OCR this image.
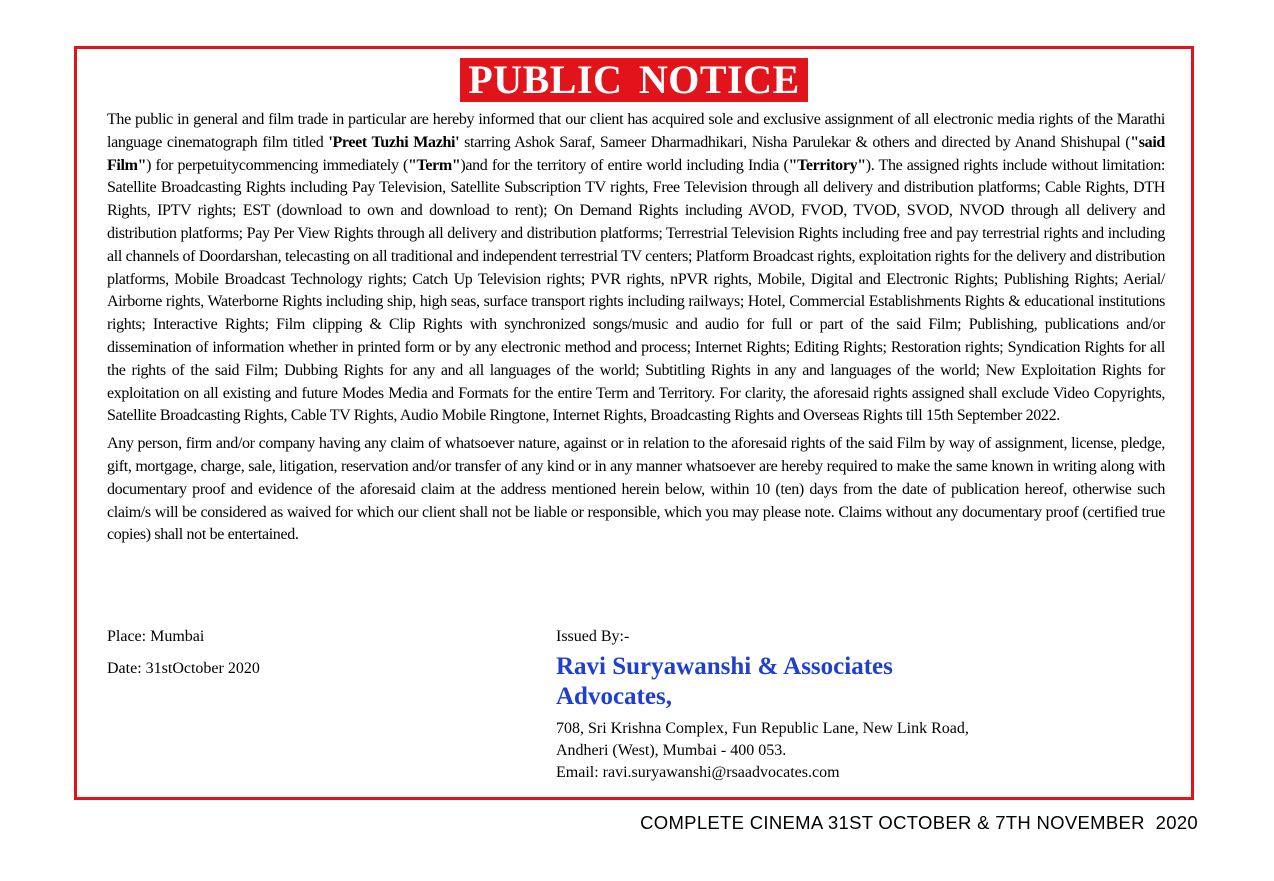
PUBLIC NOTICE

The public in general and film trade in particular are hereby informed that our client has acquired sole and exclusive assignment of all electronic media rights of the Marathi language cinematograph film titled 'Preet Tuzhi Mazhi' starring Ashok Saraf, Sameer Dharmadhikari, Nisha Parulekar & others and directed by Anand Shishupal ("said Film") for perpetuitycommencing immediately ("Term")and for the territory of entire world including India ("Territory"). The assigned rights include without limitation: Satellite Broadcasting Rights including Pay Television, Satellite Subscription TV rights, Free Television through all delivery and distribution platforms; Cable Rights, DTH Rights, IPTV rights; EST (download to own and download to rent); On Demand Rights including AVOD, FVOD, TVOD, SVOD, NVOD through all delivery and distribution platforms; Pay Per View Rights through all delivery and distribution platforms; Terrestrial Television Rights including free and pay terrestrial rights and including all channels of Doordarshan, telecasting on all traditional and independent terrestrial TV centers; Platform Broadcast rights, exploitation rights for the delivery and distribution platforms, Mobile Broadcast Technology rights; Catch Up Television rights; PVR rights, nPVR rights, Mobile, Digital and Electronic Rights; Publishing Rights; Aerial/ Airborne rights, Waterborne Rights including ship, high seas, surface transport rights including railways; Hotel, Commercial Establishments Rights & educational institutions rights; Interactive Rights; Film clipping & Clip Rights with synchronized songs/music and audio for full or part of the said Film; Publishing, publications and/or dissemination of information whether in printed form or by any electronic method and process; Internet Rights; Editing Rights; Restoration rights; Syndication Rights for all the rights of the said Film; Dubbing Rights for any and all languages of the world; Subtitling Rights in any and languages of the world; New Exploitation Rights for exploitation on all existing and future Modes Media and Formats for the entire Term and Territory. For clarity, the aforesaid rights assigned shall exclude Video Copyrights, Satellite Broadcasting Rights, Cable TV Rights, Audio Mobile Ringtone, Internet Rights, Broadcasting Rights and Overseas Rights till 15th September 2022.

Any person, firm and/or company having any claim of whatsoever nature, against or in relation to the aforesaid rights of the said Film by way of assignment, license, pledge, gift, mortgage, charge, sale, litigation, reservation and/or transfer of any kind or in any manner whatsoever are hereby required to make the same known in writing along with documentary proof and evidence of the aforesaid claim at the address mentioned herein below, within 10 (ten) days from the date of publication hereof, otherwise such claim/s will be considered as waived for which our client shall not be liable or responsible, which you may please note. Claims without any documentary proof (certified true copies) shall not be entertained.

Place: Mumbai
Date: 31stOctober 2020
Issued By:-
Ravi Suryawanshi & Associates
Advocates,
708, Sri Krishna Complex, Fun Republic Lane, New Link Road,
Andheri (West), Mumbai - 400 053.
Email: ravi.suryawanshi@rsaadvocates.com
COMPLETE CINEMA 31ST OCTOBER & 7TH NOVEMBER  2020
